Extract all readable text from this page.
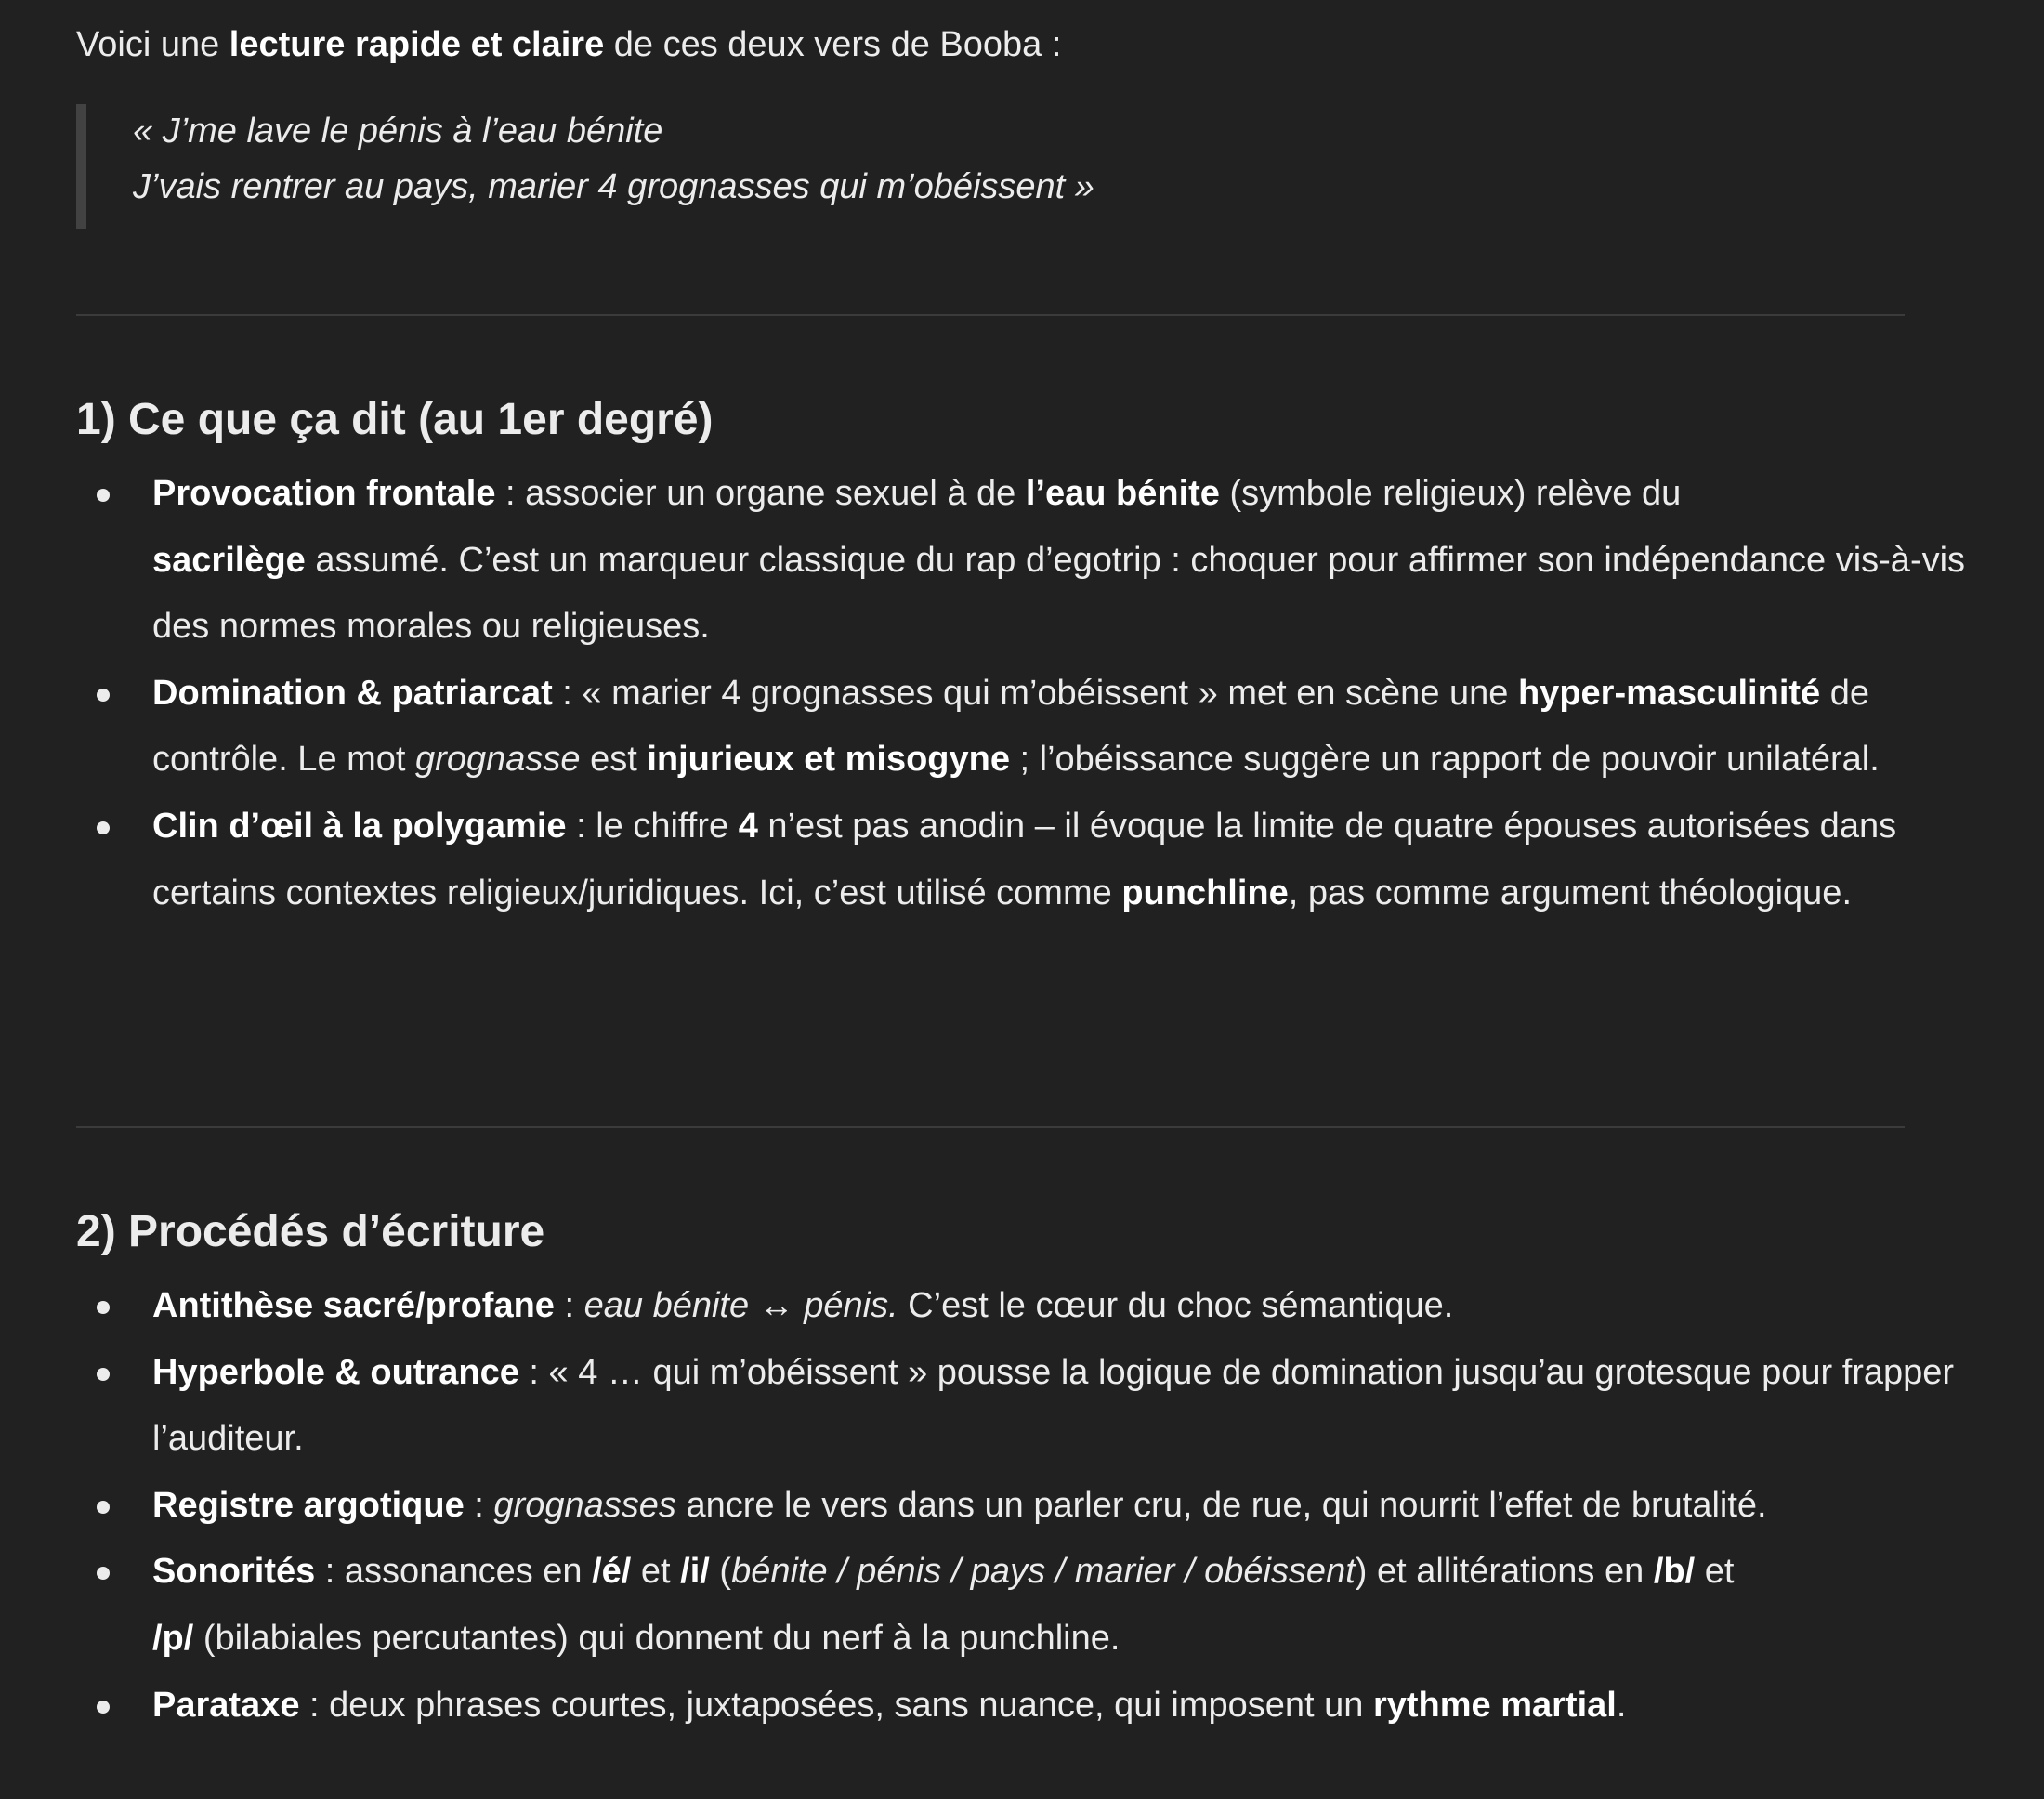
Voici une lecture rapide et claire de ces deux vers de Booba :
« J’me lave le pénis à l’eau bénite
J’vais rentrer au pays, marier 4 grognasses qui m’obéissent »
1) Ce que ça dit (au 1er degré)
Provocation frontale : associer un organe sexuel à de l’eau bénite (symbole religieux) relève du
sacrilège assumé. C’est un marqueur classique du rap d’egotrip : choquer pour affirmer son indépendance vis-à-vis des normes morales ou religieuses.
Domination & patriarcat : « marier 4 grognasses qui m’obéissent » met en scène une hyper-masculinité de contrôle. Le mot grognasse est injurieux et misogyne ; l’obéissance suggère un rapport de pouvoir unilatéral.
Clin d’œil à la polygamie : le chiffre 4 n’est pas anodin – il évoque la limite de quatre épouses autorisées dans certains contextes religieux/juridiques. Ici, c’est utilisé comme punchline, pas comme argument théologique.
2) Procédés d’écriture
Antithèse sacré/profane : eau bénite ↔ pénis. C’est le cœur du choc sémantique.
Hyperbole & outrance : « 4 … qui m’obéissent » pousse la logique de domination jusqu’au grotesque pour frapper l’auditeur.
Registre argotique : grognasses ancre le vers dans un parler cru, de rue, qui nourrit l’effet de brutalité.
Sonorités : assonances en /é/ et /i/ (bénite / pénis / pays / marier / obéissent) et allitérations en /b/ et
/p/ (bilabiales percutantes) qui donnent du nerf à la punchline.
Parataxe : deux phrases courtes, juxtaposées, sans nuance, qui imposent un rythme martial.
